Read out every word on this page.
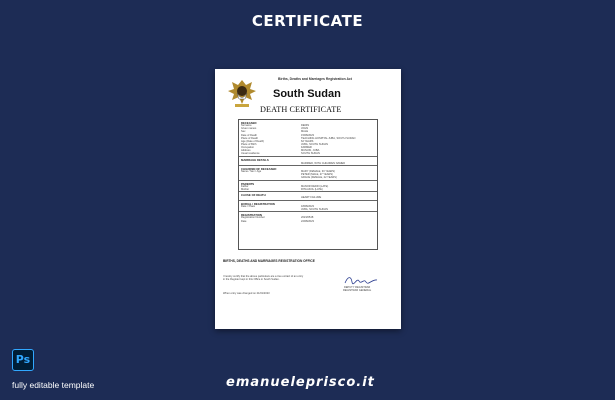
CERTIFICATE
Births, Deaths and Marriages Registration Act
South Sudan
DEATH CERTIFICATE
DECEASED
Surname	DEDIN
Given names	JOHN
Sex	MALE
Date of Death	15/08/2023
Place of Death	TEACHING HOSPITAL JUBA, SOUTH SUDAN
Age (Date of Death)	62 YEARS
Place of Birth	JUBA, SOUTH SUDAN
Occupation	FARMER
Address	MUNUKI, JUBA
Usual residence	SOUTH SUDAN
MARRIAGE DETAILS
MARRIED, WITH CHILDREN NAMED
CHILDREN OF DECEASED
Name / Sex / Age	MARY (FEMALE, 30 YEARS)
PETER (MALE, 27 YEARS)
GRACE (FEMALE, 22 YEARS)
PARENTS
Father	MANOR DEDIN (LATE)
Mother	RITA AKOL (LATE)
CAUSE OF DEATH
HEART FAILURE
BURIAL / REGISTRATION
Date / Place	18/08/2023
JUBA, SOUTH SUDAN
REGISTRATION
Registration Number	2023/0548
Date	22/08/2023
BIRTHS, DEATHS AND MARRIAGES REGISTRATION OFFICE
I hereby certify that the above particulars are a true extract of an entry
in the Register kept in this Office in South Sudan.
DEPUTY REGISTRAR
REGISTRAR GENERAL
When entry was changed on 21/01/2023
Ps
fully editable template	emanueleprisco.it
